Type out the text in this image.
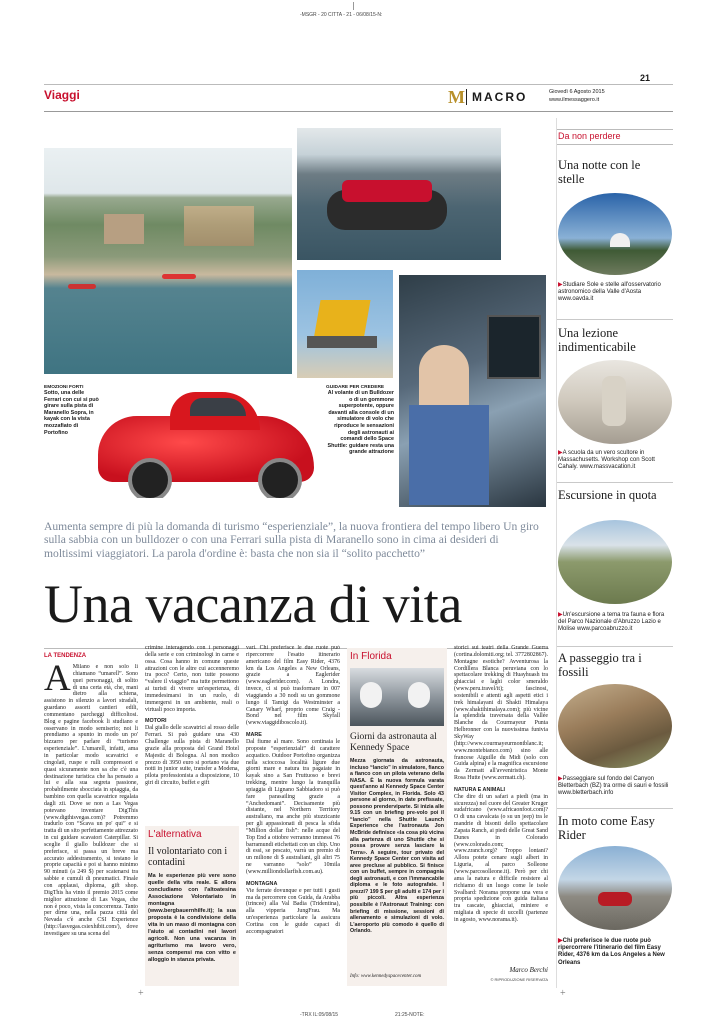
-MSGR - 20 CITTA - 21 - 06/08/15-N:
21
Viaggi	M MACRO	Giovedì 6 Agosto 2015
www.ilmessaggero.it
EMOZIONI FORTI
Sotto, una delle Ferrari con cui si può girare sulla pista di Maranello Sopra, in kayak con la vista mozzafiato di Portofino
GUIDARE PER CREDERE
Al volante di un Bulldozer o di un gommone superpotente, oppure davanti alla console di un simulatore di volo che riproduce le sensazioni degli astronauti ai comandi dello Space Shuttle: guidare resta una grande attrazione
Aumenta sempre di più la domanda di turismo “esperienziale”, la nuova frontiera del tempo libero Un giro sulla sabbia con un bulldozer o con una Ferrari sulla pista di Maranello sono in cima ai desideri di moltissimi viaggiatori. La parola d'ordine è: basta che non sia il “solito pacchetto”
Una vacanza di vita
LA TENDENZA
A Milano e non solo li chiamano “umarell”. Sono quei personaggi, di solito di una certa età, che, mani dietro alla schiena, assistono in silenzio a lavori stradali, guardano assorti cantieri edili, commentano parcheggi difficoltosi. Blog e pagine facebook li studiano e osservano in modo semiserio; noi li prendiamo a spunto in modo un po' bizzarro per parlare di “turismo esperienziale”. L'umarell, infatti, ama in particolar modo scavatrici e cingolati, ruspe e rulli compressori e quasi sicuramente non sa che c'è una destinazione turistica che ha pensato a lui e alla sua segreta passione, probabilmente sbocciata in spiaggia, da bambino con quella scavatrice regalata dagli zii. Dove se non a Las Vegas potevano inventare DigThis (www.digthisvegas.com)? Potremmo tradurlo con “Scava un po' qui” e si tratta di un sito perfettamente attrezzato in cui guidare scavatori Caterpillar. Si sceglie il giallo bulldozer che si preferisce, si passa un breve ma accurato addestramento, si testano le proprie capacità e poi si hanno minimo 90 minuti (a 249 $) per scatenarsi tra sabbie e cumuli di pneumatici. Finale con applausi, diploma, gift shop. DigThis ha vinto il premio 2015 come miglior attrazione di Las Vegas, che non è poco, vista la concorrenza. Tanto per dirne una, nella pazza città del Nevada c'è anche CSI Experience (http://lasvegas.csiexhibit.com/), dove investigare su una scena del

crimine interagendo con i personaggi della serie e con criminologi in carne e ossa. Cosa hanno in comune queste attrazioni con le altre cui accenneremo tra poco? Certo, non tutte possono “valere il viaggio” ma tutte permettono ai turisti di vivere un'esperienza, di immedesimarsi in un ruolo, di immergersi in un ambiente, reali o virtuali poco importa.

MOTORI

Dal giallo delle scavatrici al rosso delle Ferrari. Si può guidare una 430 Challenge sulla pista di Maranello grazie alla proposta del Grand Hotel Majestic di Bologna. Al non modico prezzo di 3950 euro si portano via due notti in junior suite, transfer a Modena, pilota professionista a disposizione, 10 giri di circuito, buffet e gift

L'alternativa
Il volontariato con i contadini
Ma le esperienze più vere sono quelle della vita reale. E allora concludiamo con l'altoatesina Associazione Volontariato in montagna (www.bergbauernhilfe.it); la sua proposta è la condivisione della vita in un maso di montagna con l'aiuto ai contadini nei lavori agricoli. Non una vacanza in agriturismo ma lavoro vero, senza compensi ma con vitto e alloggio in stanza privata.

vari. Chi preferisce le due ruote può ripercorrere l'esatto itinerario americano del film Easy Rider, 4376 km da Los Angeles a New Orleans, grazie a Eaglerider (www.eaglerider.com). A Londra, invece, ci si può trasformare in 007 viaggiando a 30 nodi su un gommone lungo il Tamigi da Westminster a Canary Wharf, proprio come Craig - Bond nel film Skyfall (www.viaggidiboscolo.it).

MARE

Dal fiume al mare. Sono centinaia le proposte “esperienziali” di carattere acquatico. Outdoor Portofino organizza nella scioccosa località ligure due giorni mare e natura tra pagaiate in kayak sino a San Fruttuoso e brevi trekking, mentre lungo la tranquilla spiaggia di Lignano Sabbiadoro si può fare parasailing grazie a “Anchedomani”. Decisamente più distante, nel Northern Territory australiano, ma anche più stuzzicante per gli appassionati di pesca la sfida “Million dollar fish”: nelle acque del Top End a ottobre verranno immessi 76 barramundi etichettati con un chip. Uno di essi, se pescato, varrà un premio di un milione di $ australiani, gli altri 75 ne varranno “solo” 10mila (www.milliondollarfish.com.au).

MONTAGNA

Vie ferrate dovunque e per tutti i gusti ma da percorrere con Guida, da Arabba (trincee) alla Val Badia (Tridentina), alla vipperia JungFrau. Ma un'esperienza particolare la assicura Cortina con le guide capaci di accompagnatori

In Florida
Giorni da astronauta al Kennedy Space
Mezza giornata da astronauta, incluso “lancio” in simulatore, fianco a fianco con un pilota veterano della NASA. È la nuova formula varata quest'anno al Kennedy Space Center Visitor Complex, in Florida. Solo 43 persone al giorno, in date prefissate, possono prenderviparte. Si inizia alle 9.15 con un briefing pre-volo poi il “lancio” nella Shuttle Launch Experience che l'astronauta Jon McBride definisce «la cosa più vicina alla partenza di uno Shuttle che si possa provare senza lasciare la Terra». A seguire, tour privato del Kennedy Space Center con visita ad aree precluse al pubblico. Si finisce con un buffet, sempre in compagnia degli astronauti, e con l'immancabile diploma e le foto autografate. I prezzi? 199 $ per gli adulti e 174 per i più piccoli. Altra esperienza possibile è l'Astronaut Training: con briefing di missione, sessioni di allenamento e simulazioni di volo. L'aeroporto più comodo è quello di Orlando.
Info: www.kennedyspacecenter.com

storici sui teatri della Grande Guerra (cortina.dolomiti.org; tel. 3772802867). Montagne esotiche? Avventurosa la Cordillera Blanca peruviana con lo spettacolare trekking di Huayhuash tra ghiacciai e laghi color smeraldo (www.peru.travel/it); fascinosi, sostenibili e attenti agli aspetti etici i trek himalayani di Shakti Himalaya (www.shaktihimalaya.com); più vicine la splendida traversata della Vallée Blanche da Courmayeur Punta Helbronner con la nuovissima funivia SkyWay (http://www.courmayeurmontblanc.it; www.montebianco.com) sino alle francese Aiguille du Midi (solo con Guida alpina) e la magnifica escursione da Zermatt all'avveniristica Monte Rosa Hutte (www.zermatt.ch).

NATURA E ANIMALI

Che dire di un safari a piedi (ma in sicurezza) nel cuore del Greater Kruger sudafricano (www.africaonfoot.com)? O di una cavalcata (o su un jeep) tra le mandrie di bisonti dello spettacolare Zapata Ranch, ai piedi delle Great Sand Dunes in Colorado (www.colorado.com; www.zranch.org)? Troppo lontani? Allora potete cenare sugli alberi in Liguria, al parco Solleone (www.parcosolleone.it). Però per chi ama la natura e difficile resistere al richiamo di un luogo come le isole Svalbard: Norama propone una vera e propria spedizione con guida italiana tra cascate, ghiacciai, miniere e migliaia di specie di uccelli (partenze in agosto, www.norama.it).

Marco Berchi
© RIPRODUZIONE RISERVATA
Da non perdere
Una notte con le stelle
▶Studiare Sole e stelle all'osservatorio astronomico della Valle d'Aosta www.oavda.it
Una lezione indimenticabile
▶A scuola da un vero scultore in Massachusetts. Workshop con Scott Cahaly. www.massvacation.it
Escursione in quota
▶Un'escursione a tema tra fauna e flora del Parco Nazionale d'Abruzzo Lazio e Molise www.parcoabruzzo.it
A passeggio tra i fossili
▶Passeggiare sul fondo del Canyon Bletterbach (BZ) tra orme di sauri e fossili www.bletterbach.info
In moto come Easy Rider
▶Chi preferisce le due ruote può ripercorrere l'itinerario del film Easy Rider, 4376 km da Los Angeles a New Orleans
+	+
-TRX IL:05/08/15	21:25-NOTE:
